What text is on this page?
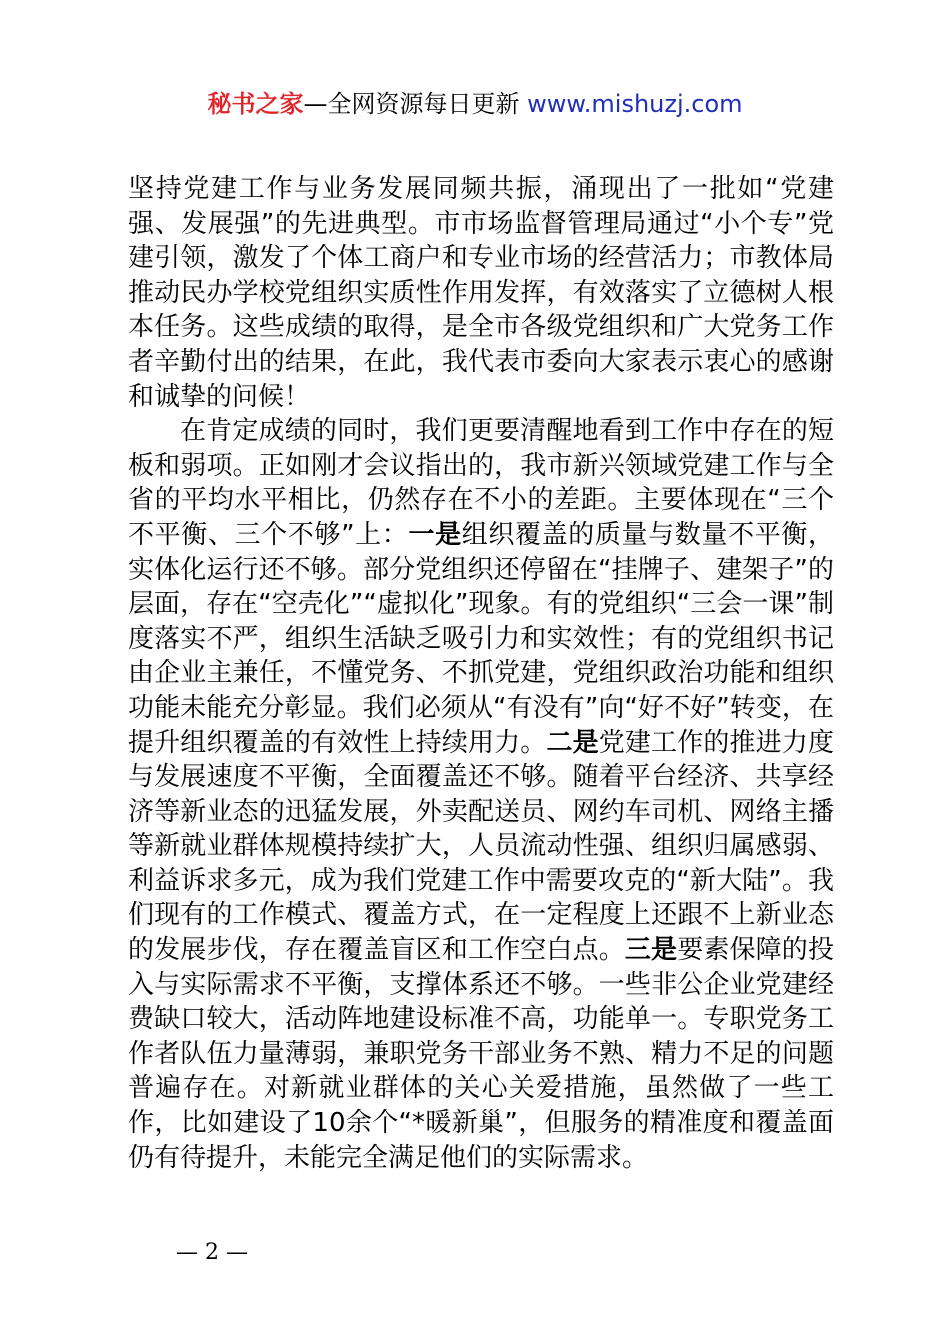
秘书之家—全网资源每日更新 www.mishuzj.com

坚持党建工作与业务发展同频共振，涌现出了一批如“党建强、发展强”的先进典型。市市场监督管理局通过“小个专”党建引领，激发了个体工商户和专业市场的经营活力；市教体局推动民办学校党组织实质性作用发挥，有效落实了立德树人根本任务。这些成绩的取得，是全市各级党组织和广大党务工作者辛勤付出的结果，在此，我代表市委向大家表示衷心的感谢和诚挚的问候！

在肯定成绩的同时，我们更要清醒地看到工作中存在的短板和弱项。正如刚才会议指出的，我市新兴领域党建工作与全省的平均水平相比，仍然存在不小的差距。主要体现在“三个不平衡、三个不够”上：一是组织覆盖的质量与数量不平衡，实体化运行还不够。部分党组织还停留在“挂牌子、建架子”的层面，存在“空壳化”“虚拟化”现象。有的党组织“三会一课”制度落实不严，组织生活缺乏吸引力和实效性；有的党组织书记由企业主兼任，不懂党务、不抓党建，党组织政治功能和组织功能未能充分彰显。我们必须从“有没有”向“好不好”转变，在提升组织覆盖的有效性上持续用力。二是党建工作的推进力度与发展速度不平衡，全面覆盖还不够。随着平台经济、共享经济等新业态的迅猛发展，外卖配送员、网约车司机、网络主播等新就业群体规模持续扩大，人员流动性强、组织归属感弱、利益诉求多元，成为我们党建工作中需要攻克的“新大陆”。我们现有的工作模式、覆盖方式，在一定程度上还跟不上新业态的发展步伐，存在覆盖盲区和工作空白点。三是要素保障的投入与实际需求不平衡，支撑体系还不够。一些非公企业党建经费缺口较大，活动阵地建设标准不高，功能单一。专职党务工作者队伍力量薄弱，兼职党务干部业务不熟、精力不足的问题普遍存在。对新就业群体的关心关爱措施，虽然做了一些工作，比如建设了10余个“*暖新巢”，但服务的精准度和覆盖面仍有待提升，未能完全满足他们的实际需求。

— 2 —
